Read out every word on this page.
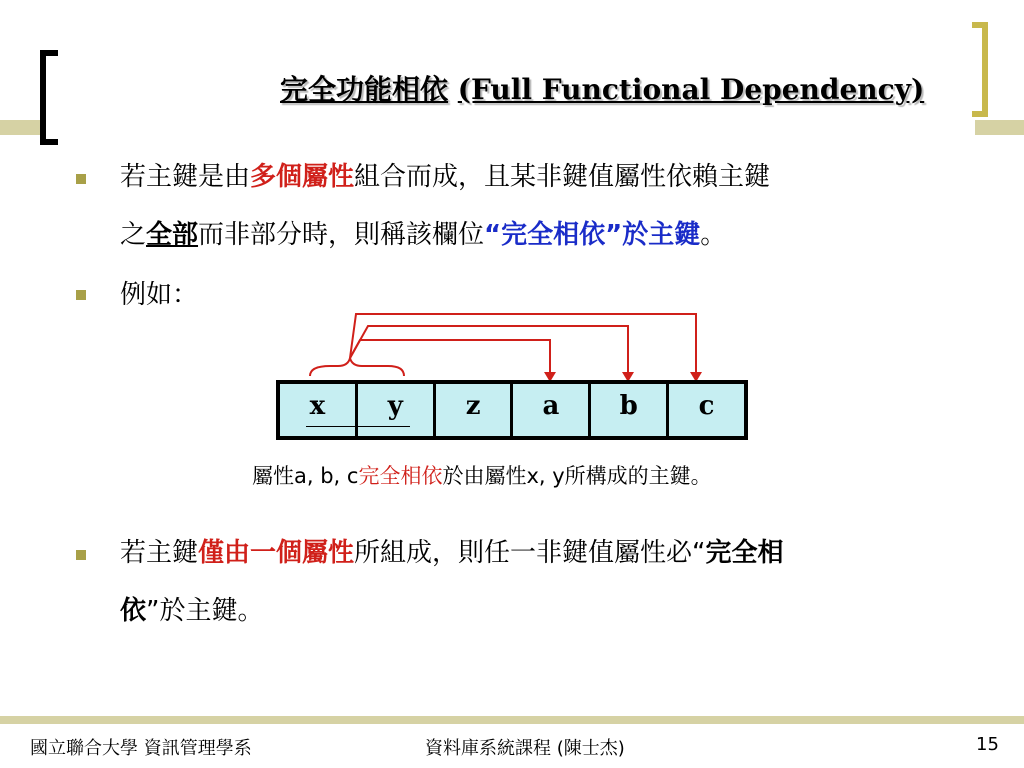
完全功能相依 (Full Functional Dependency)
若主鍵是由多個屬性組合而成，且某非鍵值屬性依賴主鍵
之全部而非部分時，則稱該欄位“完全相依”於主鍵。
例如：
x	y	z	a	b	c
屬性a, b, c完全相依於由屬性x, y所構成的主鍵。
若主鍵僅由一個屬性所組成，則任一非鍵值屬性必“完全相
依”於主鍵。
國立聯合大學 資訊管理學系	資料庫系統課程 (陳士杰)	15
